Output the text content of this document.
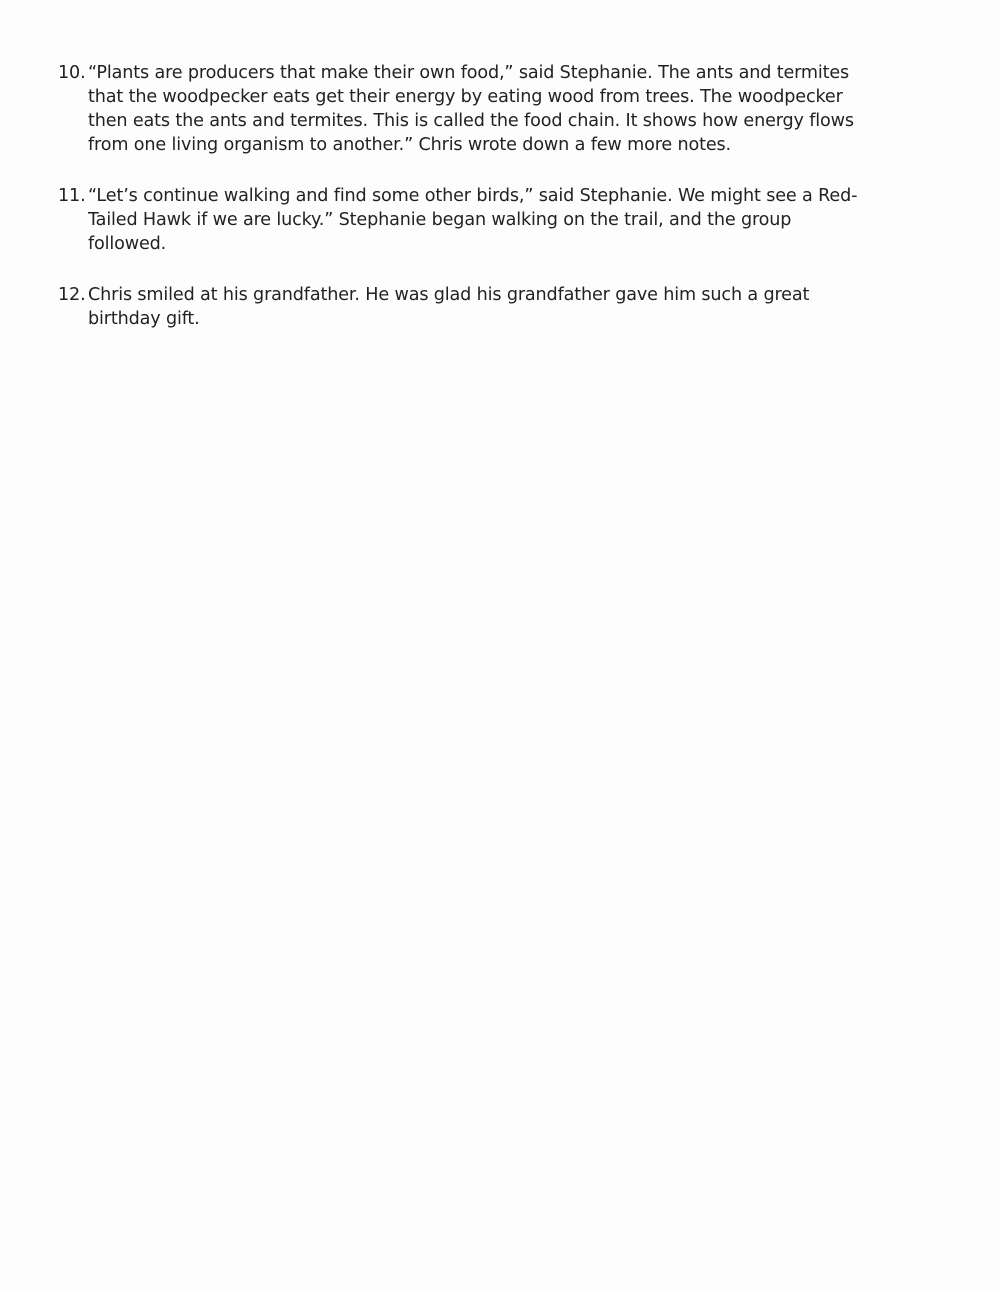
10. “Plants are producers that make their own food,” said Stephanie. The ants and termites
that the woodpecker eats get their energy by eating wood from trees. The woodpecker
then eats the ants and termites. This is called the food chain. It shows how energy flows
from one living organism to another.” Chris wrote down a few more notes.
11. “Let’s continue walking and find some other birds,” said Stephanie. We might see a Red-
Tailed Hawk if we are lucky.” Stephanie began walking on the trail, and the group
followed.
12. Chris smiled at his grandfather. He was glad his grandfather gave him such a great
birthday gift.
